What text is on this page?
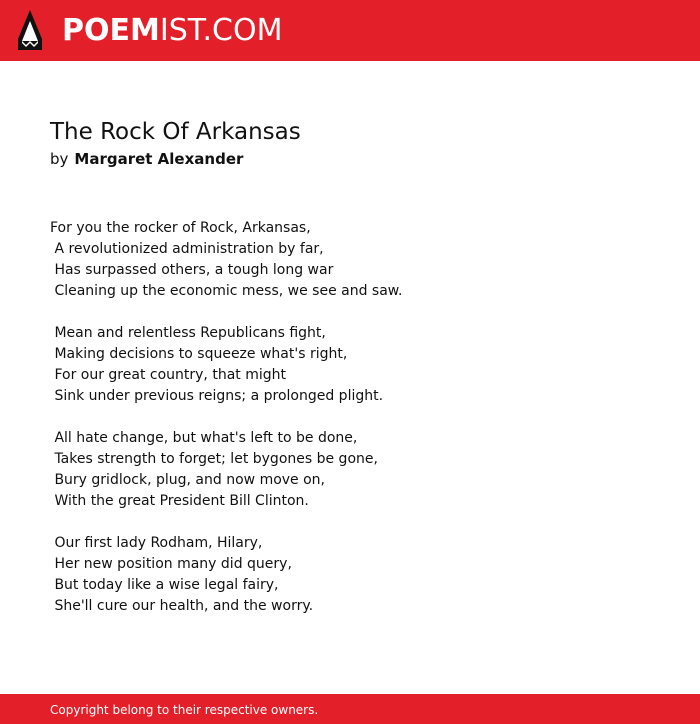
POEMIST.COM
The Rock Of Arkansas
by Margaret Alexander
For you the rocker of Rock, Arkansas,
A revolutionized administration by far,
Has surpassed others, a tough long war
Cleaning up the economic mess, we see and saw.
Mean and relentless Republicans fight,
Making decisions to squeeze what's right,
For our great country, that might
Sink under previous reigns; a prolonged plight.
All hate change, but what's left to be done,
Takes strength to forget; let bygones be gone,
Bury gridlock, plug, and now move on,
With the great President Bill Clinton.
Our first lady Rodham, Hilary,
Her new position many did query,
But today like a wise legal fairy,
She'll cure our health, and the worry.
Copyright belong to their respective owners.
